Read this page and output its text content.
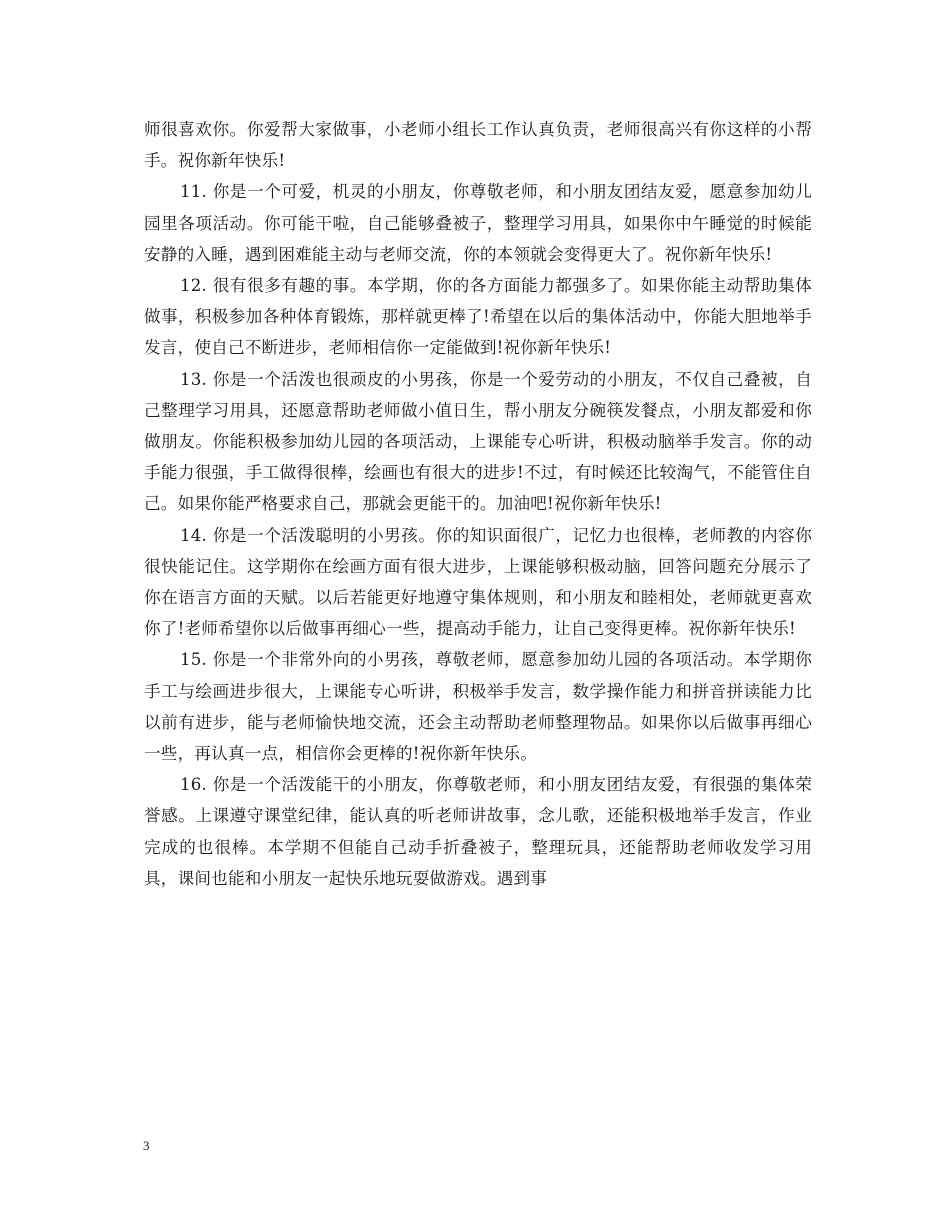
师很喜欢你。你爱帮大家做事，小老师小组长工作认真负责，老师很高兴有你这样的小帮手。祝你新年快乐!

11. 你是一个可爱，机灵的小朋友，你尊敬老师，和小朋友团结友爱，愿意参加幼儿园里各项活动。你可能干啦，自己能够叠被子，整理学习用具，如果你中午睡觉的时候能安静的入睡，遇到困难能主动与老师交流，你的本领就会变得更大了。祝你新年快乐!

12. 很有很多有趣的事。本学期，你的各方面能力都强多了。如果你能主动帮助集体做事，积极参加各种体育锻炼，那样就更棒了!希望在以后的集体活动中，你能大胆地举手发言，使自己不断进步，老师相信你一定能做到!祝你新年快乐!

13. 你是一个活泼也很顽皮的小男孩，你是一个爱劳动的小朋友，不仅自己叠被，自己整理学习用具，还愿意帮助老师做小值日生，帮小朋友分碗筷发餐点，小朋友都爱和你做朋友。你能积极参加幼儿园的各项活动，上课能专心听讲，积极动脑举手发言。你的动手能力很强，手工做得很棒，绘画也有很大的进步!不过，有时候还比较淘气，不能管住自己。如果你能严格要求自己，那就会更能干的。加油吧!祝你新年快乐!

14. 你是一个活泼聪明的小男孩。你的知识面很广，记忆力也很棒，老师教的内容你很快能记住。这学期你在绘画方面有很大进步，上课能够积极动脑，回答问题充分展示了你在语言方面的天赋。以后若能更好地遵守集体规则，和小朋友和睦相处，老师就更喜欢你了!老师希望你以后做事再细心一些，提高动手能力，让自己变得更棒。祝你新年快乐!

15. 你是一个非常外向的小男孩，尊敬老师，愿意参加幼儿园的各项活动。本学期你手工与绘画进步很大，上课能专心听讲，积极举手发言，数学操作能力和拼音拼读能力比以前有进步，能与老师愉快地交流，还会主动帮助老师整理物品。如果你以后做事再细心一些，再认真一点，相信你会更棒的!祝你新年快乐。

16. 你是一个活泼能干的小朋友，你尊敬老师，和小朋友团结友爱，有很强的集体荣誉感。上课遵守课堂纪律，能认真的听老师讲故事，念儿歌，还能积极地举手发言，作业完成的也很棒。本学期不但能自己动手折叠被子，整理玩具，还能帮助老师收发学习用具，课间也能和小朋友一起快乐地玩耍做游戏。遇到事

3
